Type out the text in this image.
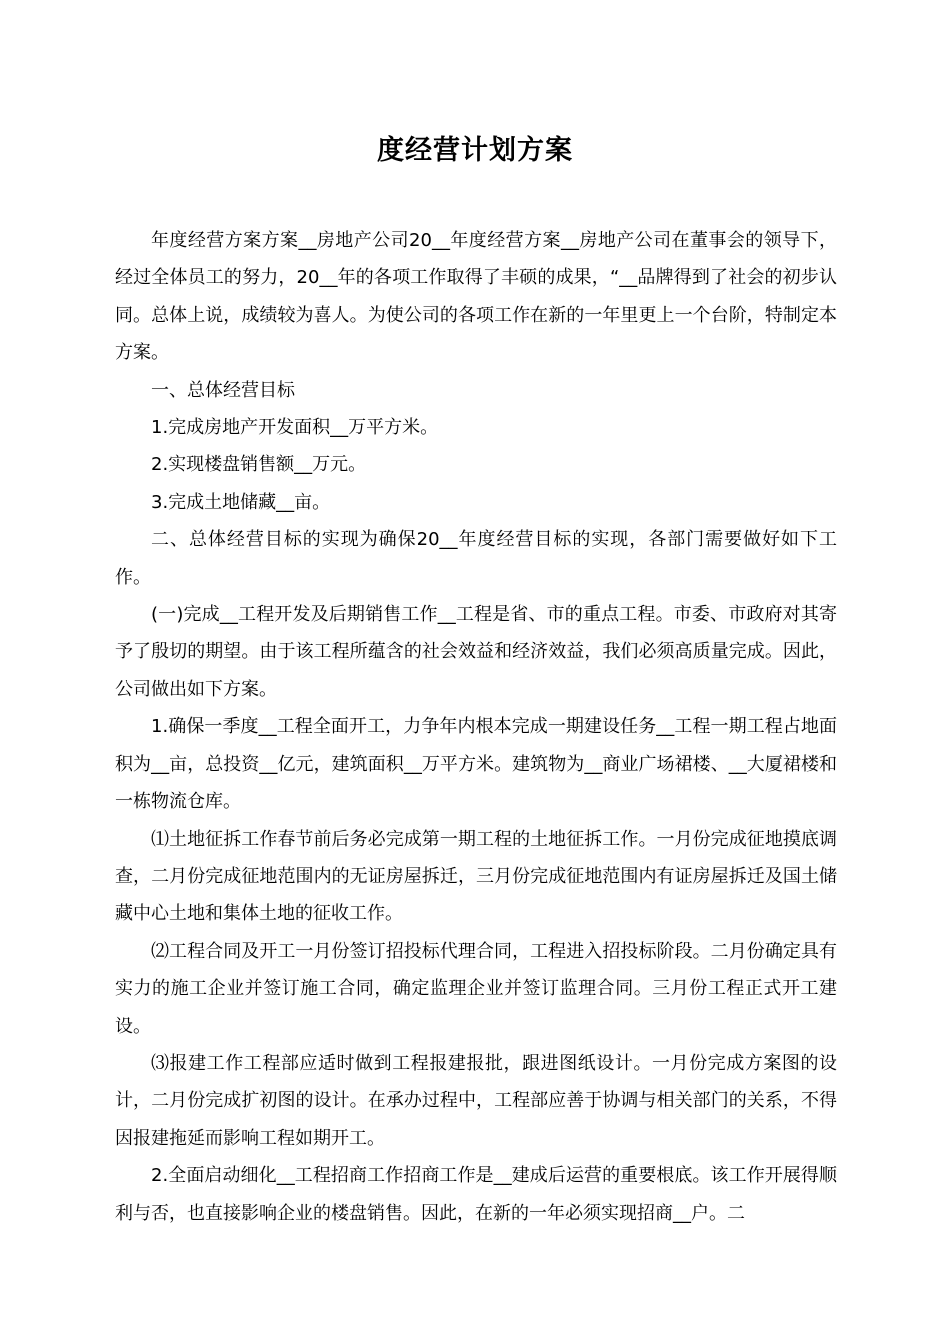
度经营计划方案

年度经营方案方案__房地产公司20__年度经营方案__房地产公司在董事会的领导下，经过全体员工的努力，20__年的各项工作取得了丰硕的成果，“__品牌得到了社会的初步认同。总体上说，成绩较为喜人。为使公司的各项工作在新的一年里更上一个台阶，特制定本方案。

一、总体经营目标

1.完成房地产开发面积__万平方米。

2.实现楼盘销售额__万元。

3.完成土地储藏__亩。

二、总体经营目标的实现为确保20__年度经营目标的实现，各部门需要做好如下工作。

(一)完成__工程开发及后期销售工作__工程是省、市的重点工程。市委、市政府对其寄予了殷切的期望。由于该工程所蕴含的社会效益和经济效益，我们必须高质量完成。因此，公司做出如下方案。

1.确保一季度__工程全面开工，力争年内根本完成一期建设任务__工程一期工程占地面积为__亩，总投资__亿元，建筑面积__万平方米。建筑物为__商业广场裙楼、__大厦裙楼和一栋物流仓库。

⑴土地征拆工作春节前后务必完成第一期工程的土地征拆工作。一月份完成征地摸底调查，二月份完成征地范围内的无证房屋拆迁，三月份完成征地范围内有证房屋拆迁及国土储藏中心土地和集体土地的征收工作。

⑵工程合同及开工一月份签订招投标代理合同，工程进入招投标阶段。二月份确定具有实力的施工企业并签订施工合同，确定监理企业并签订监理合同。三月份工程正式开工建设。

⑶报建工作工程部应适时做到工程报建报批，跟进图纸设计。一月份完成方案图的设计，二月份完成扩初图的设计。在承办过程中，工程部应善于协调与相关部门的关系，不得因报建拖延而影响工程如期开工。

2.全面启动细化__工程招商工作招商工作是__建成后运营的重要根底。该工作开展得顺利与否，也直接影响企业的楼盘销售。因此，在新的一年必须实现招商__户。二
